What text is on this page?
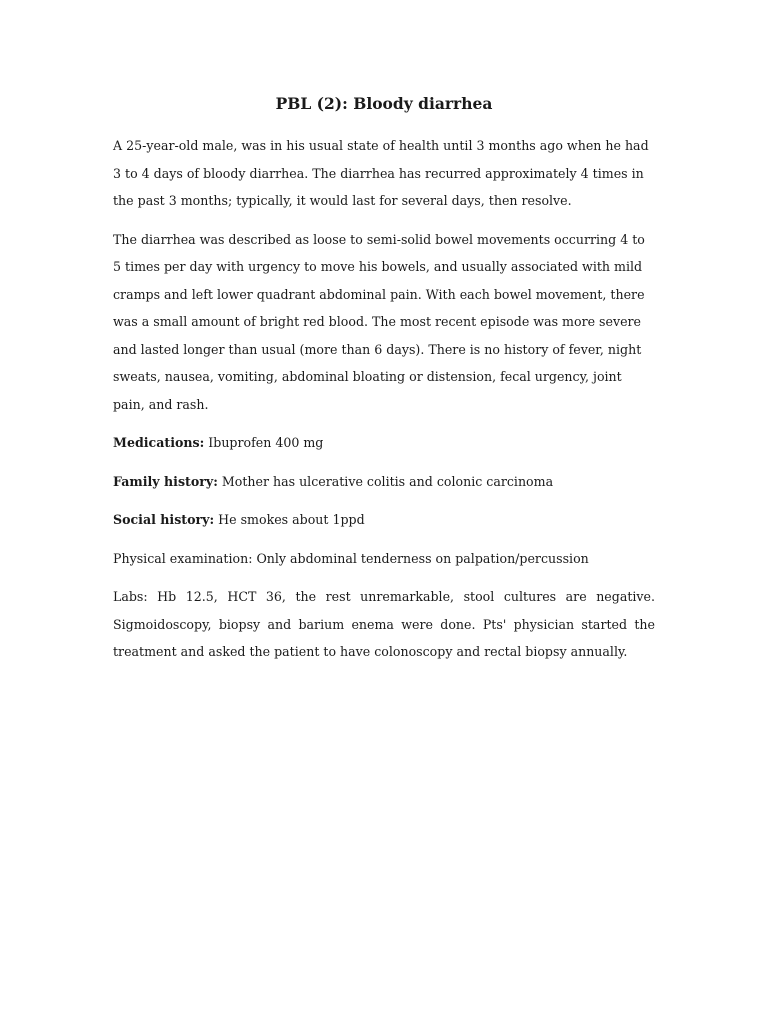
PBL (2): Bloody diarrhea

A 25-year-old male, was in his usual state of health until 3 months ago when he had 3 to 4 days of bloody diarrhea. The diarrhea has recurred approximately 4 times in the past 3 months; typically, it would last for several days, then resolve.

The diarrhea was described as loose to semi-solid bowel movements occurring 4 to 5 times per day with urgency to move his bowels, and usually associated with mild cramps and left lower quadrant abdominal pain. With each bowel movement, there was a small amount of bright red blood. The most recent episode was more severe and lasted longer than usual (more than 6 days). There is no history of fever, night sweats, nausea, vomiting, abdominal bloating or distension, fecal urgency, joint pain, and rash.

Medications: Ibuprofen 400 mg

Family history: Mother has ulcerative colitis and colonic carcinoma

Social history: He smokes about 1ppd

Physical examination: Only abdominal tenderness on palpation/percussion

Labs: Hb 12.5, HCT 36, the rest unremarkable, stool cultures are negative. Sigmoidoscopy, biopsy and barium enema were done. Pts' physician started the treatment and asked the patient to have colonoscopy and rectal biopsy annually.
